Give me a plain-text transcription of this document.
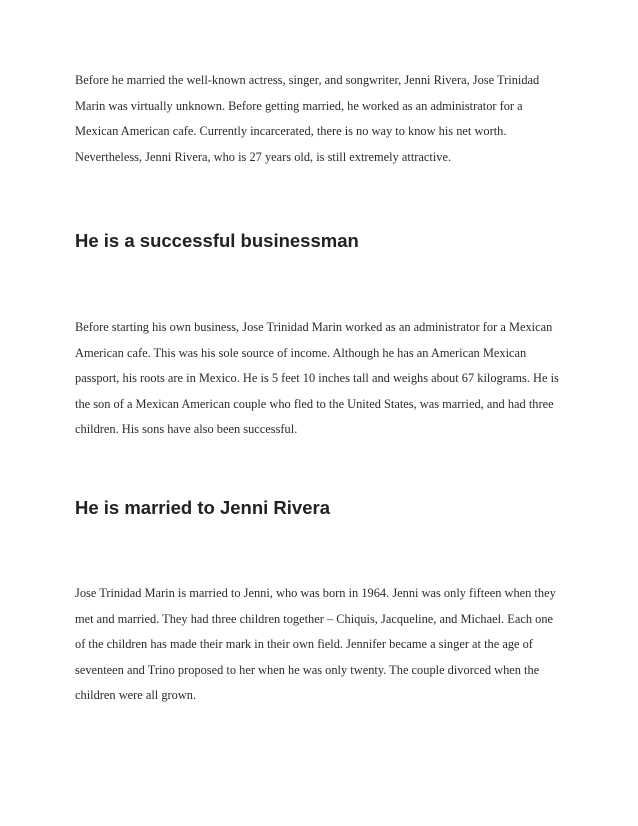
Before he married the well-known actress, singer, and songwriter, Jenni Rivera, Jose Trinidad Marin was virtually unknown. Before getting married, he worked as an administrator for a Mexican American cafe. Currently incarcerated, there is no way to know his net worth. Nevertheless, Jenni Rivera, who is 27 years old, is still extremely attractive.

He is a successful businessman

Before starting his own business, Jose Trinidad Marin worked as an administrator for a Mexican American cafe. This was his sole source of income. Although he has an American Mexican passport, his roots are in Mexico. He is 5 feet 10 inches tall and weighs about 67 kilograms. He is the son of a Mexican American couple who fled to the United States, was married, and had three children. His sons have also been successful.

He is married to Jenni Rivera

Jose Trinidad Marin is married to Jenni, who was born in 1964. Jenni was only fifteen when they met and married. They had three children together – Chiquis, Jacqueline, and Michael. Each one of the children has made their mark in their own field. Jennifer became a singer at the age of seventeen and Trino proposed to her when he was only twenty. The couple divorced when the children were all grown.
